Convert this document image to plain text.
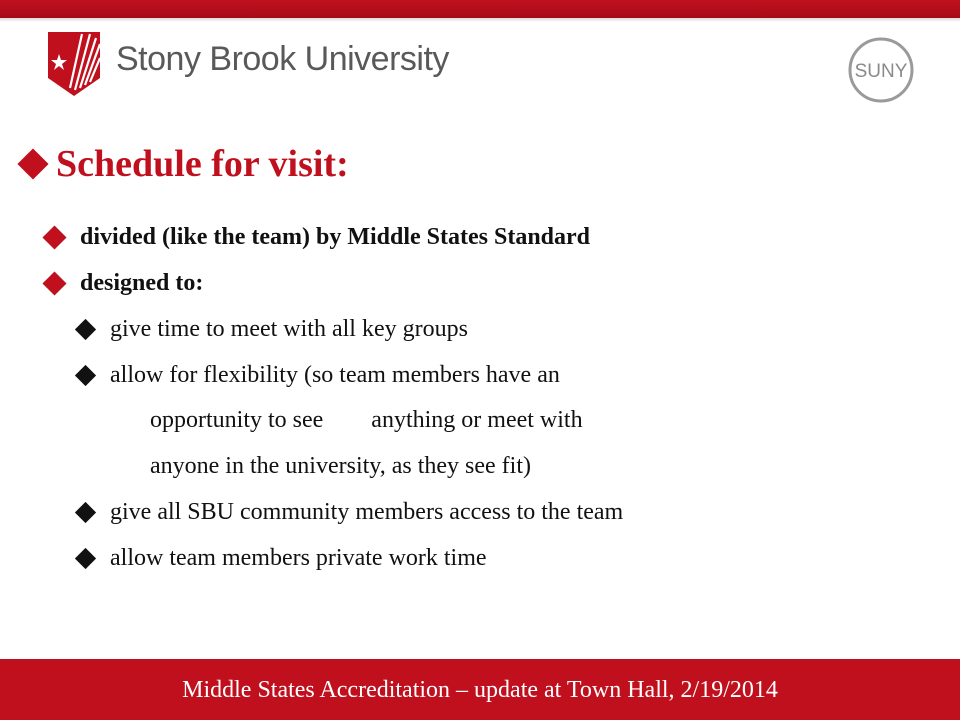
Stony Brook University	SUNY
Schedule for visit:
divided (like the team) by Middle States Standard
designed to:
give time to meet with all key groups
allow for flexibility (so team members have an
opportunity to see        anything or meet with
anyone in the university, as they see fit)
give all SBU community members access to the team
allow team members private work time
Middle States Accreditation – update at Town Hall, 2/19/2014
